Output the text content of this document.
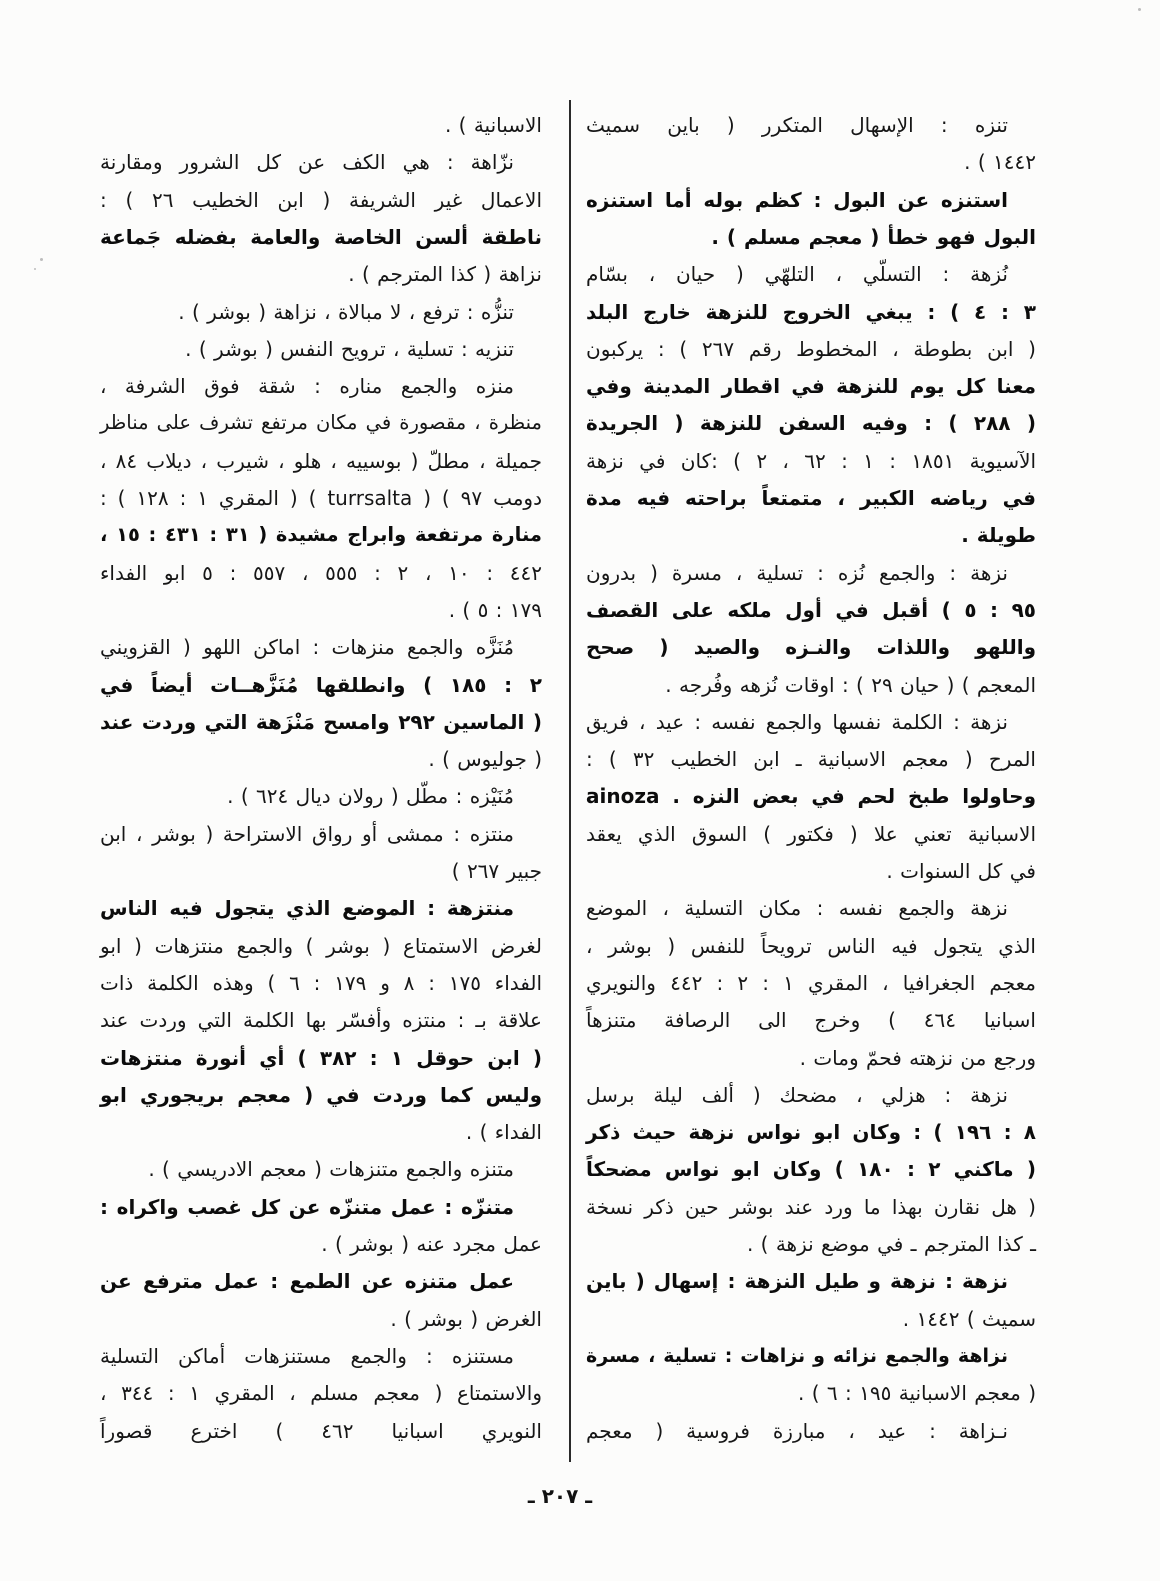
تنزه : الإسهال المتكرر ( باين سميث
١٤٤٢ ) .
استنزه عن البول : كظم بوله أما استنزه
البول فهو خطأ ( معجم مسلم ) .
نُزهة : التسلّي ، التلهّي ( حيان ، بسّام
٣ : ٤ ) : يبغي الخروج للنزهة خارج البلد
( ابن بطوطة ، المخطوط رقم ٢٦٧ ) : يركبون
معنا كل يوم للنزهة في اقطار المدينة وفي
( ٢٨٨ ) : وفيه السفن للنزهة ( الجريدة
الآسيوية ١٨٥١ : ١ : ٦٢ ، ٢ ) :كان في نزهة
في رياضه الكبير ، متمتعاً براحته فيه مدة
طويلة .
نزهة : والجمع نُزه : تسلية ، مسرة ( بدرون
٩٥ : ٥ ) أقبل في أول ملكه على القصف
واللهو واللذات والنـزه والصيد ( صحح
المعجم ) ( حيان ٢٩ ) : اوقات نُزهه وفُرجه .
نزهة : الكلمة نفسها والجمع نفسه : عيد ، فريق
المرح ( معجم الاسبانية ـ ابن الخطيب ٣٢ ) :
وحاولوا طبخ لحم في بعض النزه . ainoza
الاسبانية تعني علا ( فكتور ) السوق الذي يعقد
في كل السنوات .
نزهة والجمع نفسه : مكان التسلية ، الموضع
الذي يتجول فيه الناس ترويحاً للنفس ( بوشر ،
معجم الجغرافيا ، المقري ١ : ٢ : ٤٤٢ والنويري
اسبانيا ٤٦٤ ) وخرج الى الرصافة متنزهاً
ورجع من نزهته فحمّ ومات .
نزهة : هزلي ، مضحك ( ألف ليلة برسل
٨ : ١٩٦ ) : وكان ابو نواس نزهة حيث ذكر
( ماكني ٢ : ١٨٠ ) وكان ابو نواس مضحكاً
( هل نقارن بهذا ما ورد عند بوشر حين ذكر نسخة
ـ كذا المترجم ـ في موضع نزهة ) .
نزهة : نزهة و طيل النزهة : إسهال ( باين
سميث ) ١٤٤٢ .
نزاهة والجمع نزائه و نزاهات : تسلية ، مسرة
( معجم الاسبانية ١٩٥ : ٦ ) .
نـزاهة : عيد ، مبارزة فروسية ( معجم
الاسبانية ) .
نزّاهة : هي الكف عن كل الشرور ومقارنة
الاعمال غير الشريفة ( ابن الخطيب ٢٦ ) :
ناطقة ألسن الخاصة والعامة بفضله جَماعة
نزاهة ( كذا المترجم ) .
تنزُّه : ترفع ، لا مبالاة ، نزاهة ( بوشر ) .
تنزيه : تسلية ، ترويح النفس ( بوشر ) .
منزه والجمع مناره : شقة فوق الشرفة ،
منظرة ، مقصورة في مكان مرتفع تشرف على مناظر
جميلة ، مطلّ ( بوسييه ، هلو ، شيرب ، ديلاب ٨٤ ،
دومب ٩٧ ) ( turrsalta ) ( المقري ١ : ١٢٨ ) :
منارة مرتفعة وابراج مشيدة ( ٣١ : ٤٣١ : ١٥ ،
٤٤٢ : ١٠ ، ٢ : ٥٥٥ ، ٥٥٧ : ٥ ابو الفداء
١٧٩ : ٥ ) .
مُنَزَّه والجمع منزهات : اماكن اللهو ( القزويني
٢ : ١٨٥ ) وانطلقها مُنَزَّهــات أيضاً في
( الماسين ٢٩٢ وامسح مَنْزَهة التي وردت عند
( جوليوس ) .
مُنَيْزه : مطّل ( رولان ديال ٦٢٤ ) .
منتزه : ممشى أو رواق الاستراحة ( بوشر ، ابن
جبير ٢٦٧ )
منتزهة : الموضع الذي يتجول فيه الناس
لغرض الاستمتاع ( بوشر ) والجمع منتزهات ( ابو
الفداء ١٧٥ : ٨ و ١٧٩ : ٦ ) وهذه الكلمة ذات
علاقة بـ : منتزه وأفسّر بها الكلمة التي وردت عند
( ابن حوقل ١ : ٣٨٢ ) أي أنورة منتزهات
وليس كما وردت في ( معجم بريجوري ابو
الفداء ) .
متنزه والجمع متنزهات ( معجم الادريسي ) .
متنزّه : عمل متنزّه عن كل غصب واكراه :
عمل مجرد عنه ( بوشر ) .
عمل متنزه عن الطمع : عمل مترفع عن
الغرض ( بوشر ) .
مستنزه : والجمع مستنزهات أماكن التسلية
والاستمتاع ( معجم مسلم ، المقري ١ : ٣٤٤ ،
النويري اسبانيا ٤٦٢ ) اخترع قصوراً
ـ ٢٠٧ ـ
